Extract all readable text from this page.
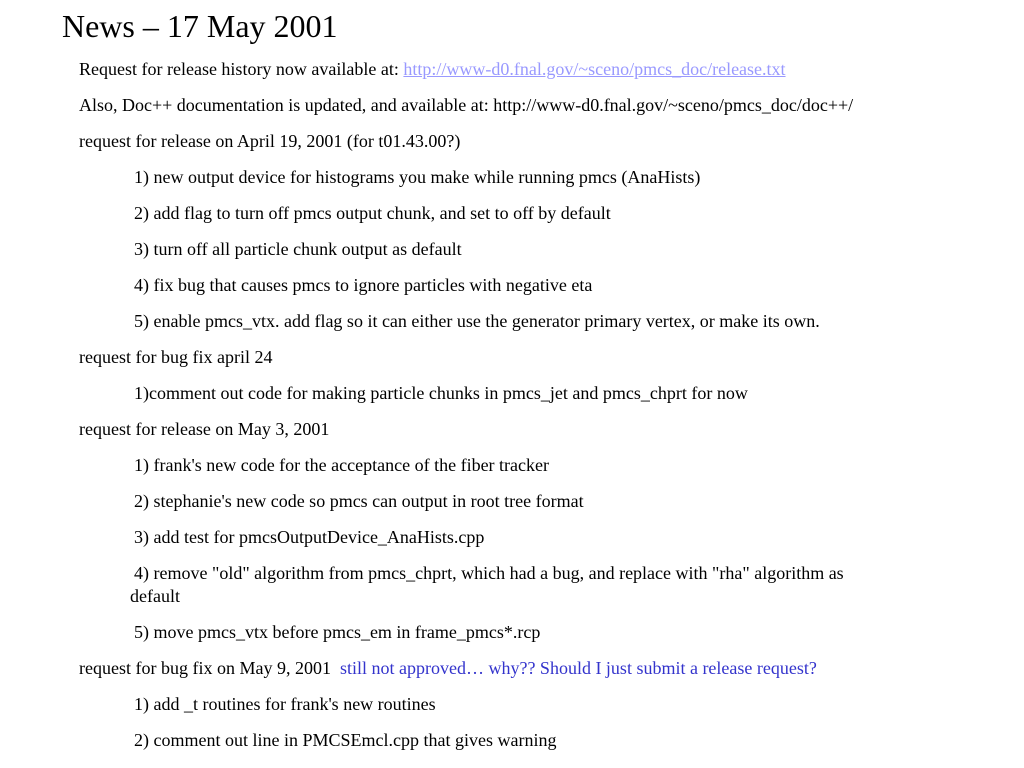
News – 17 May 2001
Request for release history now available at: http://www-d0.fnal.gov/~sceno/pmcs_doc/release.txt
Also, Doc++ documentation is updated, and available at: http://www-d0.fnal.gov/~sceno/pmcs_doc/doc++/
request for release on April 19, 2001 (for t01.43.00?)
1) new output device for histograms you make while running pmcs (AnaHists)
2) add flag to turn off pmcs output chunk, and set to off by default
3) turn off all particle chunk output as default
4) fix bug that causes pmcs to ignore particles with negative eta
5) enable pmcs_vtx. add flag so it can either use the generator primary vertex, or make its own.
request for bug fix april 24
1)comment out code for making particle chunks in pmcs_jet and pmcs_chprt for now
request for release on May 3, 2001
1) frank's new code for the acceptance of the fiber tracker
2) stephanie's new code so pmcs can output in root tree format
3) add test for pmcsOutputDevice_AnaHists.cpp
4) remove "old" algorithm from pmcs_chprt, which had a bug, and replace with "rha" algorithm as
default
5) move pmcs_vtx before pmcs_em in frame_pmcs*.rcp
request for bug fix on May 9, 2001 still not approved… why?? Should I just submit a release request?
1) add _t routines for frank's new routines
2) comment out line in PMCSEmcl.cpp that gives warning
